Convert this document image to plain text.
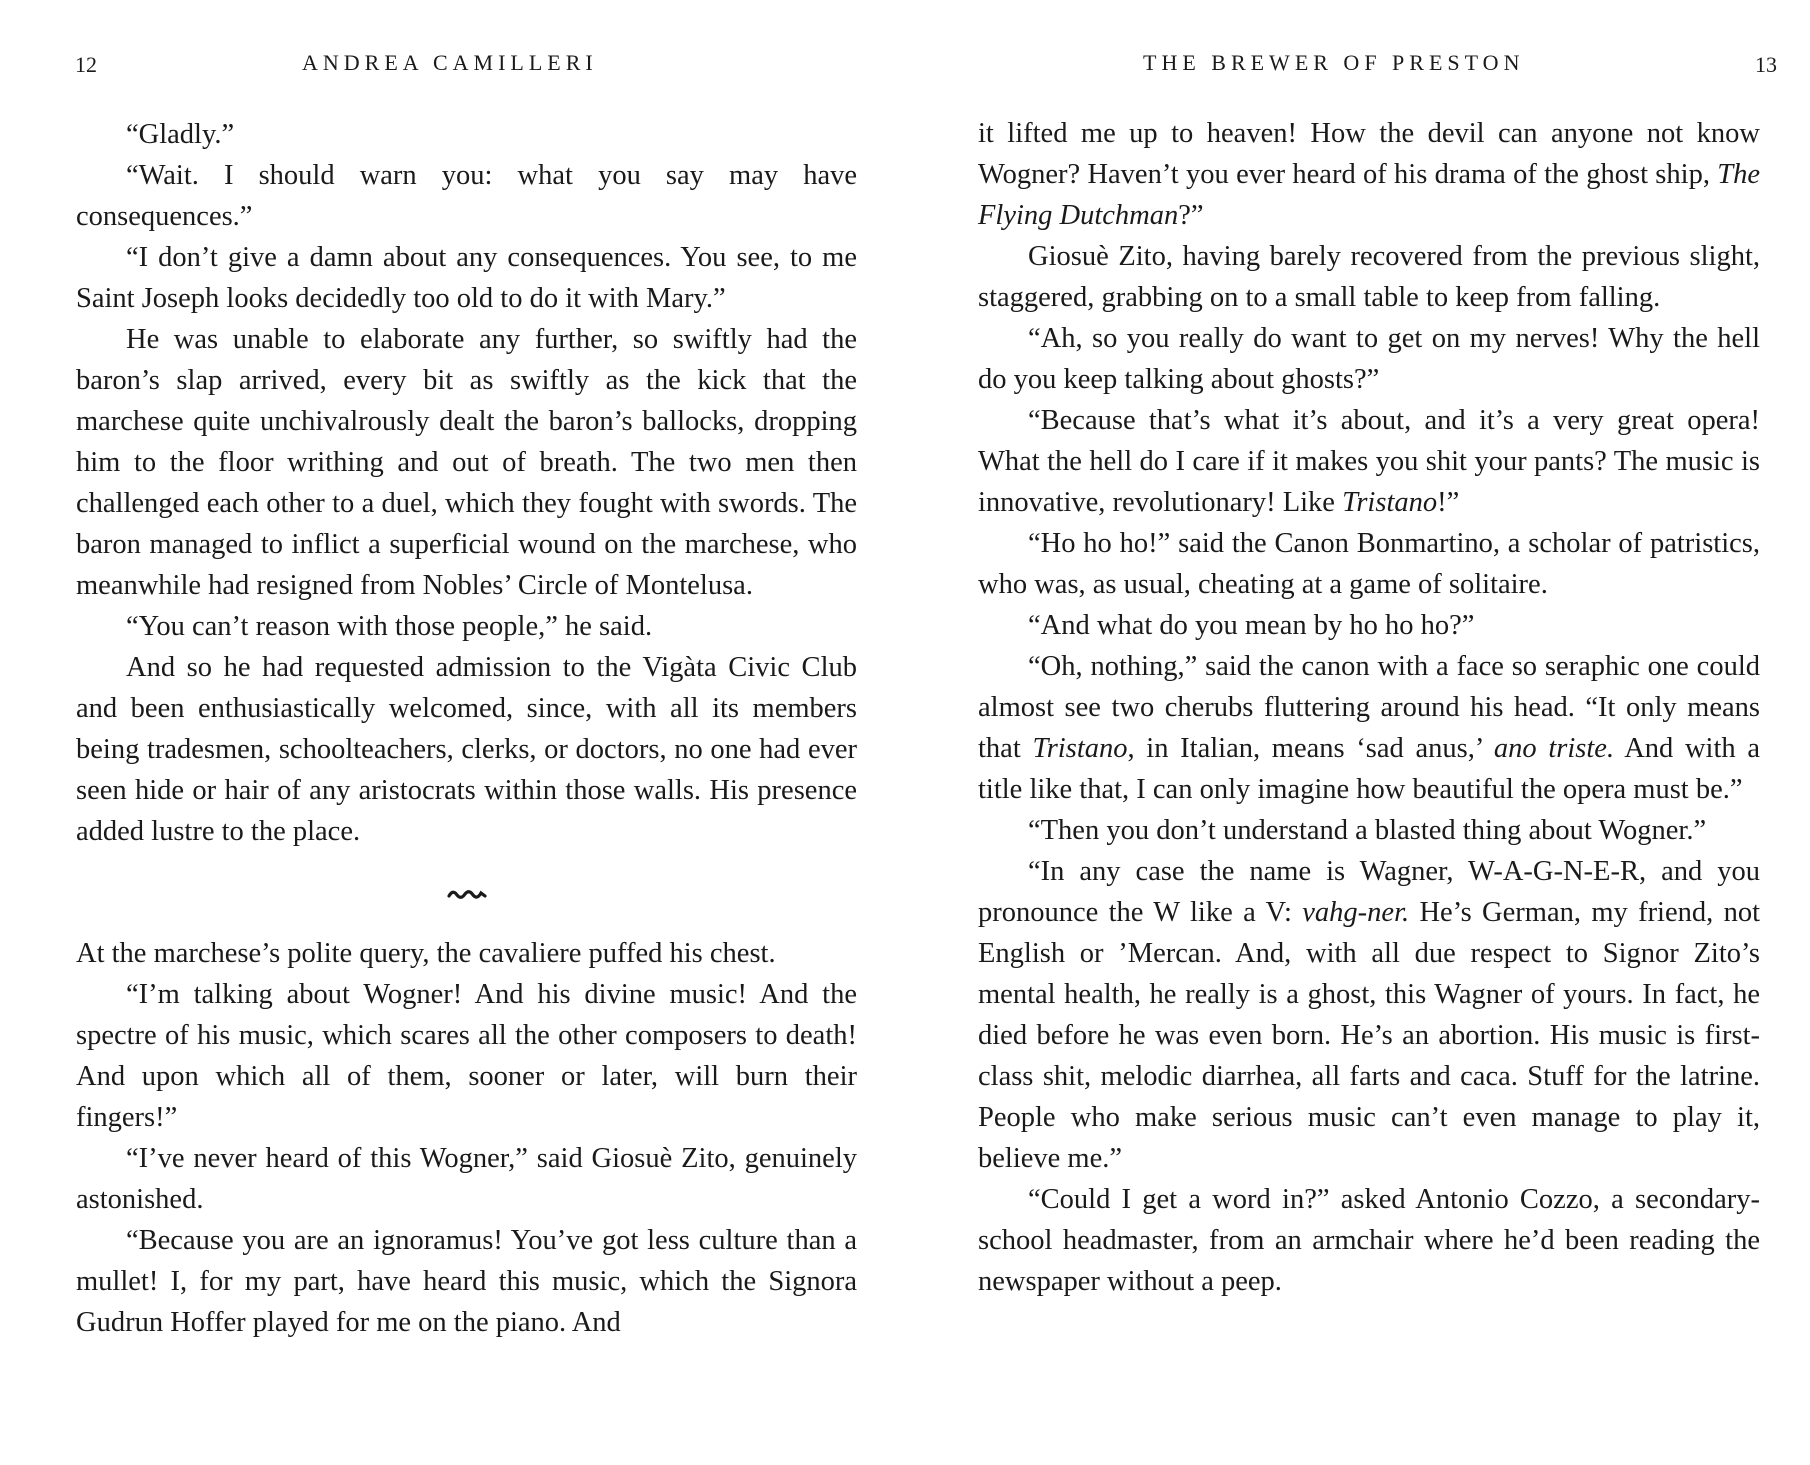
12	ANDREA CAMILLERI

“Gladly.”

“Wait. I should warn you: what you say may have consequences.”

“I don’t give a damn about any consequences. You see, to me Saint Joseph looks decidedly too old to do it with Mary.”

He was unable to elaborate any further, so swiftly had the baron’s slap arrived, every bit as swiftly as the kick that the marchese quite unchivalrously dealt the baron’s ballocks, dropping him to the floor writhing and out of breath. The two men then challenged each other to a duel, which they fought with swords. The baron managed to inflict a superficial wound on the marchese, who meanwhile had resigned from Nobles’ Circle of Montelusa.

“You can’t reason with those people,” he said.

And so he had requested admission to the Vigàta Civic Club and been enthusiastically welcomed, since, with all its members being tradesmen, schoolteachers, clerks, or doctors, no one had ever seen hide or hair of any aristocrats within those walls. His presence added lustre to the place.

At the marchese’s polite query, the cavaliere puffed his chest.

“I’m talking about Wogner! And his divine music! And the spectre of his music, which scares all the other composers to death! And upon which all of them, sooner or later, will burn their fingers!”

“I’ve never heard of this Wogner,” said Giosuè Zito, genuinely astonished.

“Because you are an ignoramus! You’ve got less culture than a mullet! I, for my part, have heard this music, which the Signora Gudrun Hoffer played for me on the piano. And

THE BREWER OF PRESTON	13

it lifted me up to heaven! How the devil can anyone not know Wogner? Haven’t you ever heard of his drama of the ghost ship, The Flying Dutchman?”

Giosuè Zito, having barely recovered from the previous slight, staggered, grabbing on to a small table to keep from falling.

“Ah, so you really do want to get on my nerves! Why the hell do you keep talking about ghosts?”

“Because that’s what it’s about, and it’s a very great opera! What the hell do I care if it makes you shit your pants? The music is innovative, revolutionary! Like Tristano!”

“Ho ho ho!” said the Canon Bonmartino, a scholar of patristics, who was, as usual, cheating at a game of solitaire.

“And what do you mean by ho ho ho?”

“Oh, nothing,” said the canon with a face so seraphic one could almost see two cherubs fluttering around his head. “It only means that Tristano, in Italian, means ‘sad anus,’ ano triste. And with a title like that, I can only imagine how beautiful the opera must be.”

“Then you don’t understand a blasted thing about Wogner.”

“In any case the name is Wagner, W-A-G-N-E-R, and you pronounce the W like a V: vahg-ner. He’s German, my friend, not English or ’Mercan. And, with all due respect to Signor Zito’s mental health, he really is a ghost, this Wagner of yours. In fact, he died before he was even born. He’s an abortion. His music is first-class shit, melodic diarrhea, all farts and caca. Stuff for the latrine. People who make serious music can’t even manage to play it, believe me.”

“Could I get a word in?” asked Antonio Cozzo, a secondary-school headmaster, from an armchair where he’d been reading the newspaper without a peep.
